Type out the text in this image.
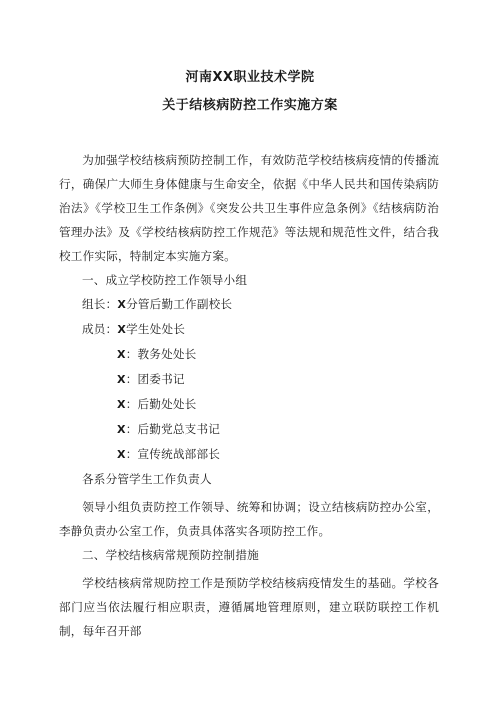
河南XX职业技术学院
关于结核病防控工作实施方案

为加强学校结核病预防控制工作，有效防范学校结核病疫情的传播流行，确保广大师生身体健康与生命安全，依据《中华人民共和国传染病防治法》《学校卫生工作条例》《突发公共卫生事件应急条例》《结核病防治管理办法》及《学校结核病防控工作规范》等法规和规范性文件，结合我校工作实际，特制定本实施方案。

一、成立学校防控工作领导小组

组长：X分管后勤工作副校长

成员：X学生处处长

X：教务处处长

X：团委书记

X：后勤处处长

X：后勤党总支书记

X：宣传统战部部长

各系分管学生工作负责人

领导小组负责防控工作领导、统筹和协调；设立结核病防控办公室，李静负责办公室工作，负责具体落实各项防控工作。

二、学校结核病常规预防控制措施

学校结核病常规防控工作是预防学校结核病疫情发生的基础。学校各部门应当依法履行相应职责，遵循属地管理原则，建立联防联控工作机制，每年召开部
